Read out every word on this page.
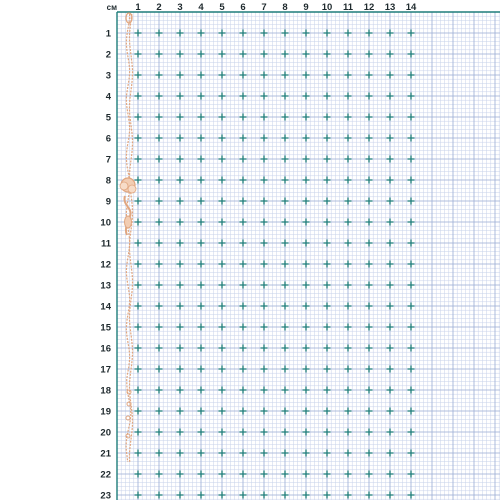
см 1 2 3 4 5 6 7 8 9 10 11 12 13 14
1
2
3
4
5
6
7
8
9
10
11
12
13
14
15
16
17
18
19
20
21
22
23
